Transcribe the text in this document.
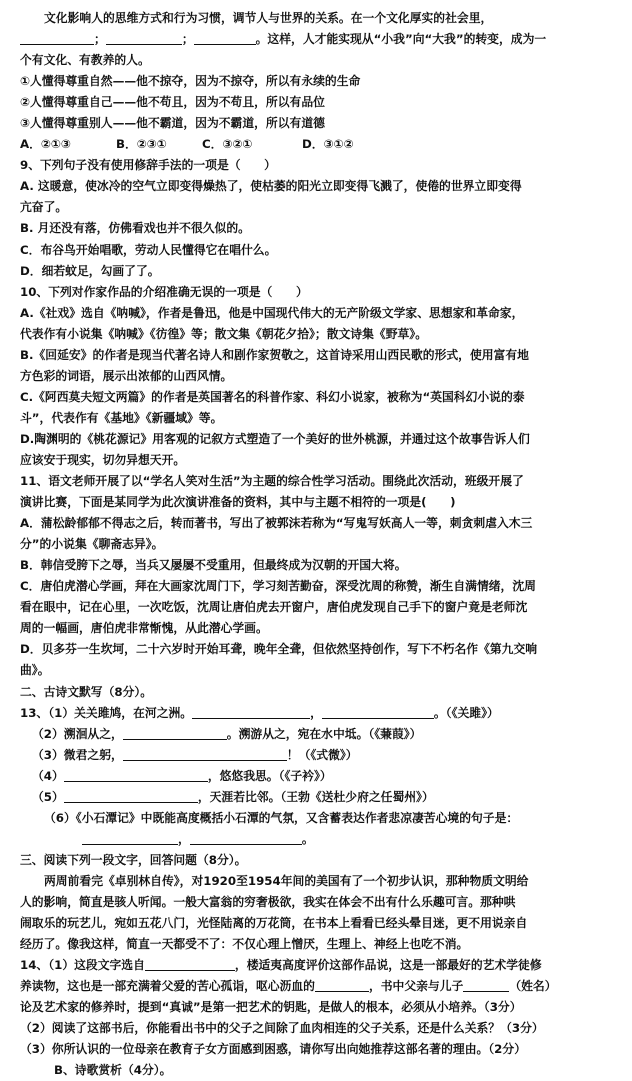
文化影响人的思维方式和行为习惯，调节人与世界的关系。在一个文化厚实的社会里，
；	；	。这样，人才能实现从“小我”向“大我”的转变，成为一
个有文化、有教养的人。
①人懂得尊重自然——他不掠夺，因为不掠夺，所以有永续的生命
②人懂得尊重自己——他不苟且，因为不苟且，所以有品位
③人懂得尊重别人——他不霸道，因为不霸道，所以有道德
A．②①③	B．②③①	C．③②①	D．③①②
9、下列句子没有使用修辞手法的一项是（　　）
A. 这暖意，使冰冷的空气立即变得燥热了，使枯萎的阳光立即变得飞溅了，使倦的世界立即变得
亢奋了。
B. 月还没有落，仿佛看戏也并不很久似的。
C．布谷鸟开始唱歌，劳动人民懂得它在唱什么。
D．细若蚊足，勾画了了。
10、下列对作家作品的介绍准确无误的一项是（　　）
A.《社戏》选自《呐喊》，作者是鲁迅，他是中国现代伟大的无产阶级文学家、思想家和革命家，
代表作有小说集《呐喊》《彷徨》等；散文集《朝花夕拾》；散文诗集《野草》。
B.《回延安》的作者是现当代著名诗人和剧作家贺敬之，这首诗采用山西民歌的形式，使用富有地
方色彩的词语，展示出浓郁的山西风情。
C.《阿西莫夫短文两篇》的作者是英国著名的科普作家、科幻小说家，被称为“英国科幻小说的泰
斗”，代表作有《基地》《新疆域》等。
D.陶渊明的《桃花源记》用客观的记叙方式塑造了一个美好的世外桃源，并通过这个故事告诉人们
应该安于现实，切勿异想天开。
11、语文老师开展了以“学名人笑对生活”为主题的综合性学习活动。围绕此次活动，班级开展了
演讲比赛，下面是某同学为此次演讲准备的资料，其中与主题不相符的一项是(　　)
A．蒲松龄郁郁不得志之后，转而著书，写出了被郭沫若称为“写鬼写妖高人一等，刺贪刺虐入木三
分”的小说集《聊斋志异》。
B．韩信受胯下之辱，当兵又屡屡不受重用，但最终成为汉朝的开国大将。
C．唐伯虎潜心学画，拜在大画家沈周门下，学习刻苦勤奋，深受沈周的称赞，渐生自满情绪，沈周
看在眼中，记在心里，一次吃饭，沈周让唐伯虎去开窗户，唐伯虎发现自己手下的窗户竟是老师沈
周的一幅画，唐伯虎非常惭愧，从此潜心学画。
D．贝多芬一生坎坷，二十六岁时开始耳聋，晚年全聋，但依然坚持创作，写下不朽名作《第九交响
曲》。
二、古诗文默写（8分）。
13、（1）关关雎鸠，在河之洲。	，	。（《关雎》）
（2）溯洄从之，	。溯游从之，宛在水中坻。（《蒹葭》）
（3）微君之躬，	！（《式微》）
（4）	，悠悠我思。（《子衿》）
（5）	，天涯若比邻。（王勃《送杜少府之任蜀州》）
（6）《小石潭记》中既能高度概括小石潭的气氛，又含蓄表达作者悲凉凄苦心境的句子是：
，	。
三、阅读下列一段文字，回答问题（8分）。
两周前看完《卓别林自传》，对1920至1954年间的美国有了一个初步认识，那种物质文明给
人的影响，简直是骇人听闻。一般大富翁的穷奢极欲，我实在体会不出有什么乐趣可言。那种哄
闹取乐的玩艺儿，宛如五花八门，光怪陆离的万花筒，在书本上看看已经头晕目迷，更不用说亲自
经历了。像我这样，简直一天都受不了：不仅心理上憎厌，生理上、神经上也吃不消。
14、（1）这段文字选自	，楼适夷高度评价这部作品说，这是一部最好的艺术学徒修
养读物，这也是一部充满着父爱的苦心孤诣，呕心沥血的	，书中父亲与儿子	（姓名）
论及艺术家的修养时，提到“真诚”是第一把艺术的钥匙，是做人的根本，必须从小培养。（3分）
（2）阅读了这部书后，你能看出书中的父子之间除了血肉相连的父子关系，还是什么关系？（3分）
（3）你所认识的一位母亲在教育子女方面感到困惑，请你写出向她推荐这部名著的理由。（2分）
B、诗歌赏析（4分）。
